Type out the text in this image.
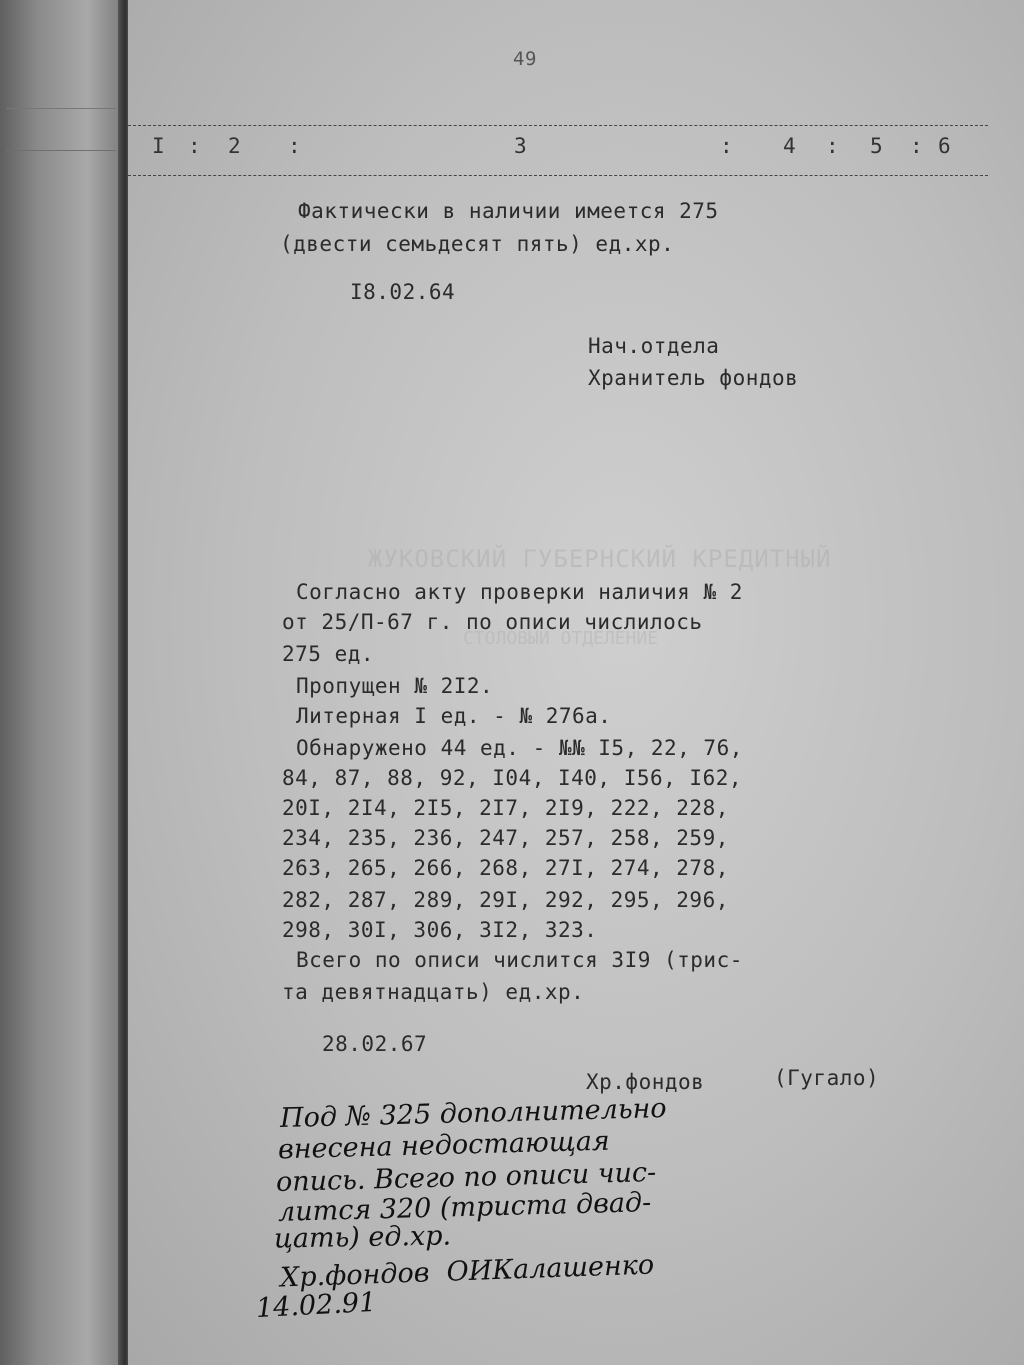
49
I : 2 :	3	: 4 : 5 : 6
Фактически в наличии имеется 275
(двести семьдесят пять) ед.хр.
I8.02.64
Нач.отдела
Хранитель фондов
ЖУКОВСКИЙ ГУБЕРНСКИЙ КРЕДИТНЫЙ
СТОЛОВЫЙ ОТДЕЛЕНИЕ
Согласно акту проверки наличия № 2
от 25/П-67 г. по описи числилось
275 ед.
Пропущен № 2I2.
Литерная I ед. - № 276а.
Обнаружено 44 ед. - №№ I5, 22, 76,
84, 87, 88, 92, I04, I40, I56, I62,
20I, 2I4, 2I5, 2I7, 2I9, 222, 228,
234, 235, 236, 247, 257, 258, 259,
263, 265, 266, 268, 27I, 274, 278,
282, 287, 289, 29I, 292, 295, 296,
298, 30I, 306, 3I2, 323.
Всего по описи числится 3I9 (трис-
та девятнадцать) ед.хр.
28.02.67
Хр.фондов	(Гугало)
Под № 325 дополнительно
внесена недостающая
опись. Всего по описи чис-
лится 320 (триста двад-
цать) ед.хр.
Хр.фондов  ОИКалашенко
14.02.91
